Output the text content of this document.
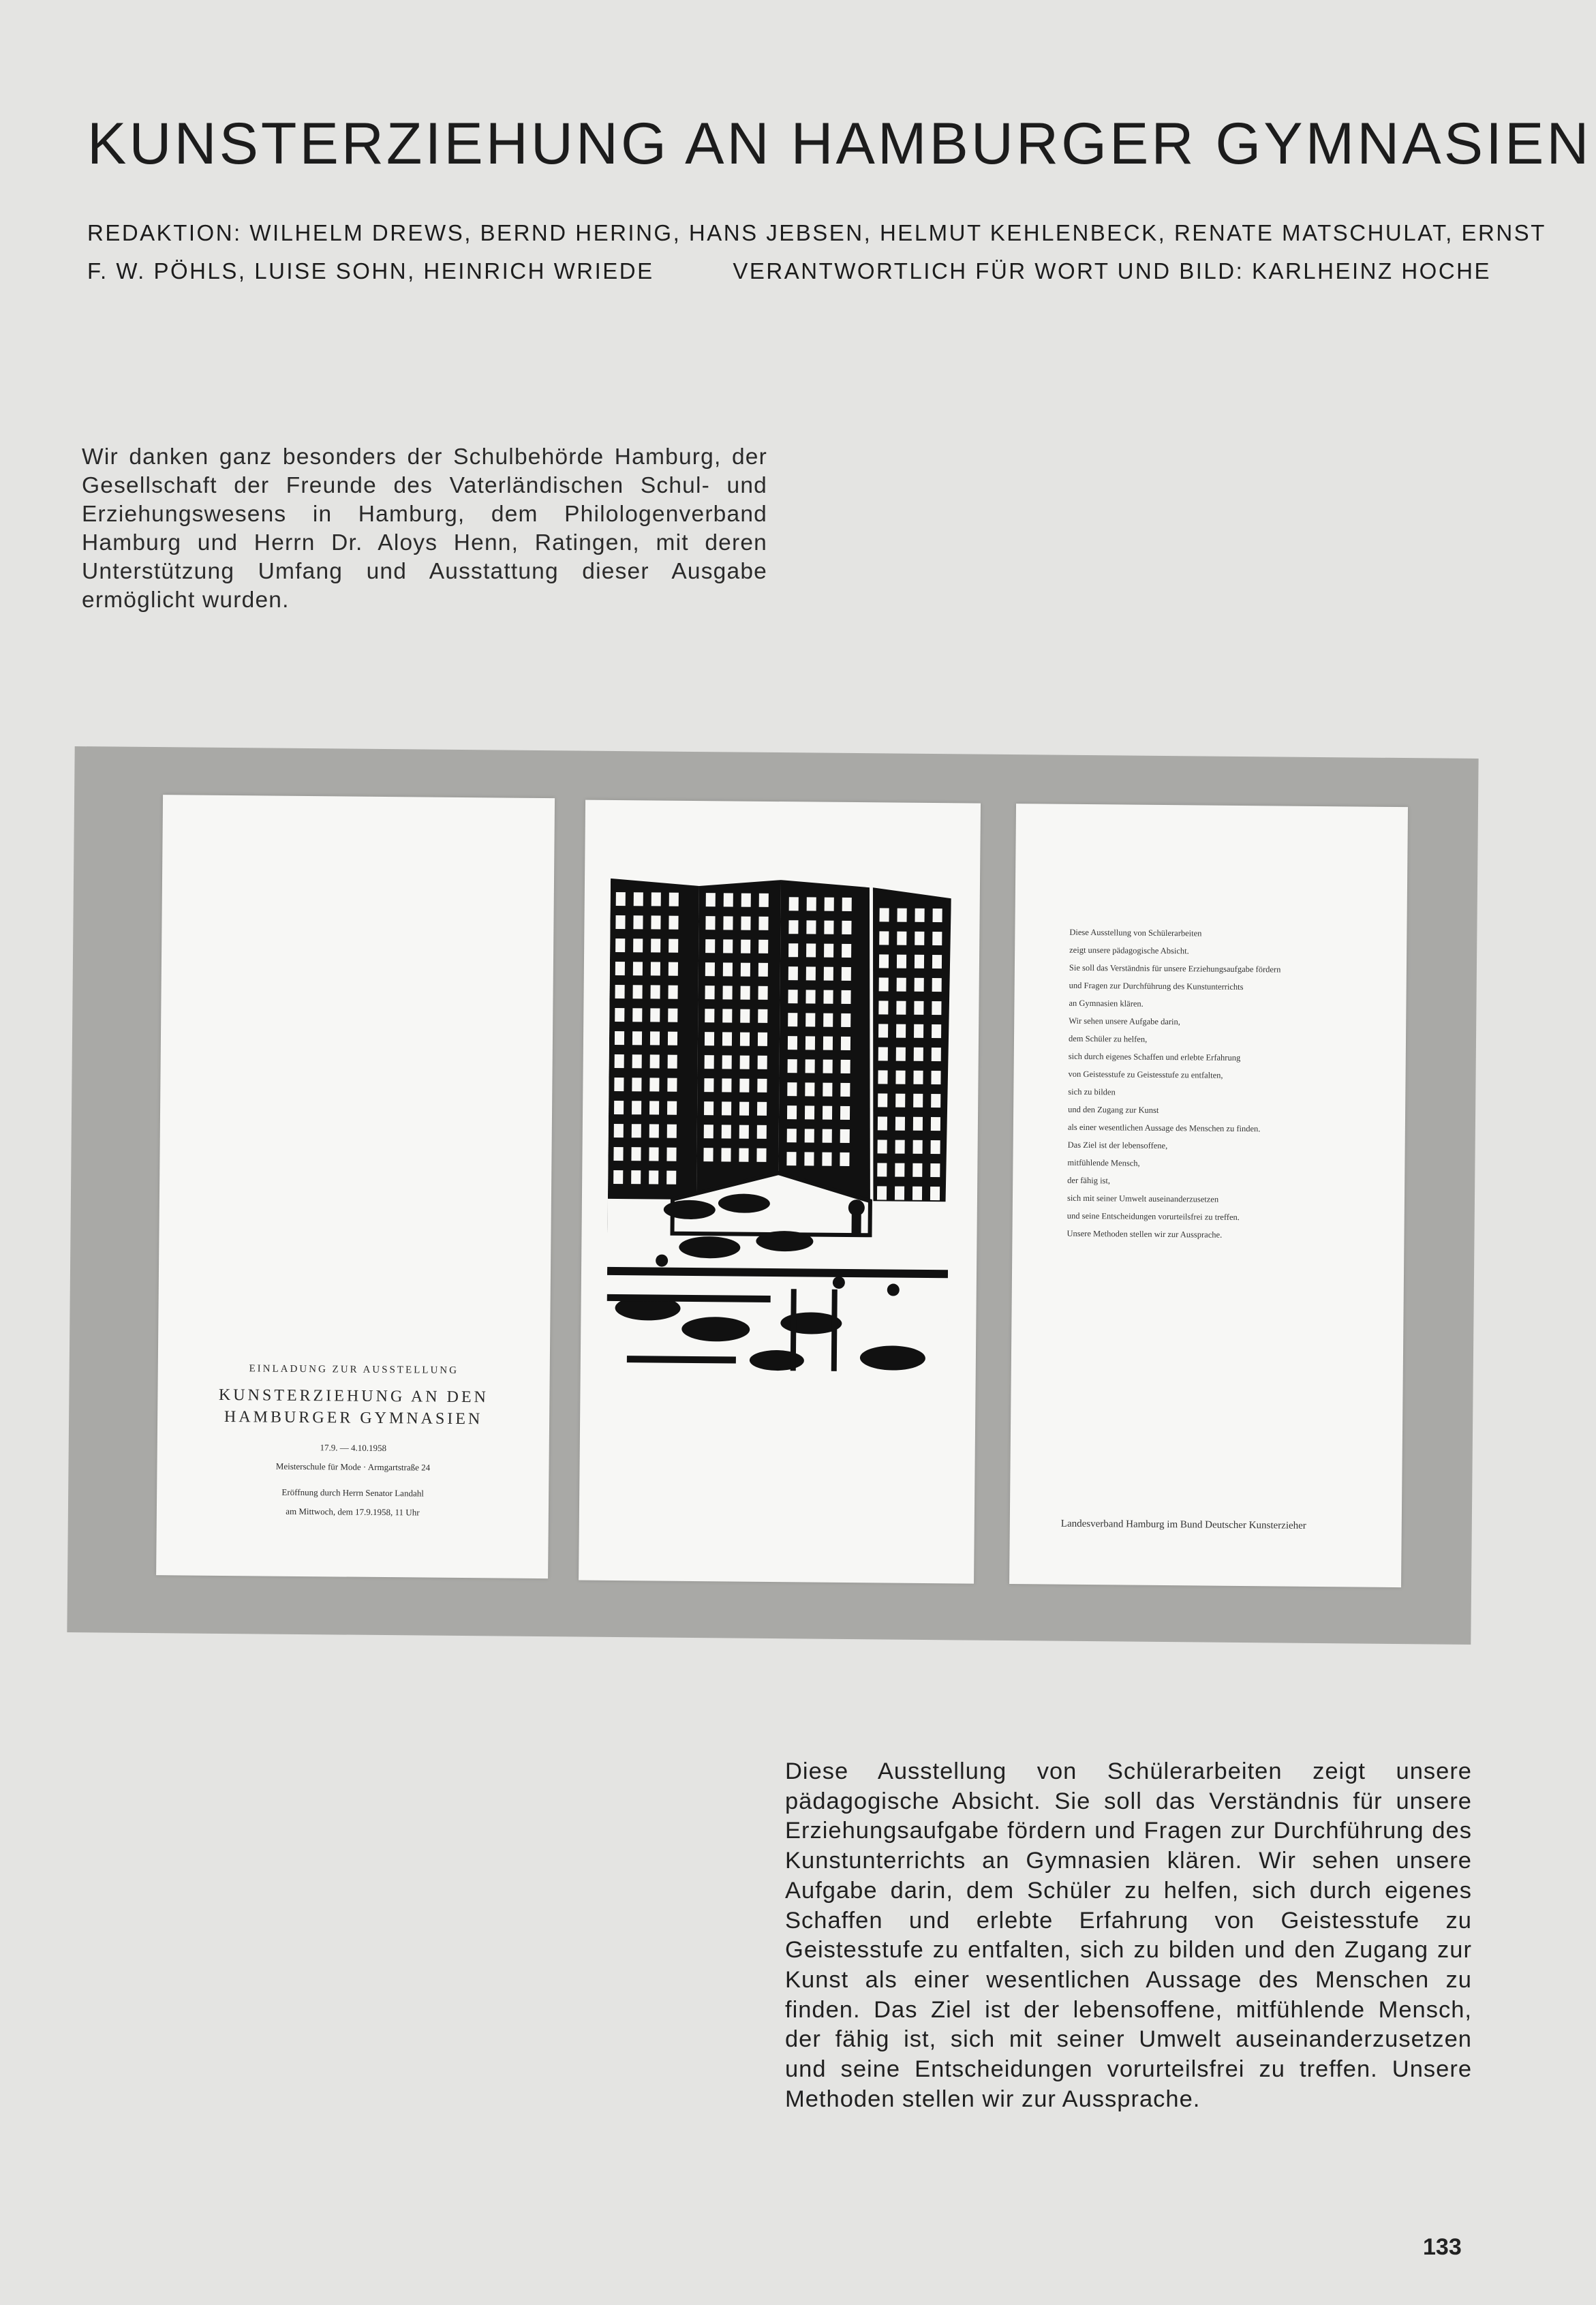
KUNSTERZIEHUNG AN HAMBURGER GYMNASIEN
REDAKTION: WILHELM DREWS, BERND HERING, HANS JEBSEN, HELMUT KEHLENBECK, RENATE MATSCHULAT, ERNST
F. W. PÖHLS, LUISE SOHN, HEINRICH WRIEDE	VERANTWORTLICH FÜR WORT UND BILD: KARLHEINZ HOCHE
Wir danken ganz besonders der Schulbehörde Hamburg, der Gesellschaft der Freunde des Vaterländischen Schul- und Erziehungswesens in Hamburg, dem Philologenverband Hamburg und Herrn Dr. Aloys Henn, Ratingen, mit deren Unterstützung Umfang und Ausstattung dieser Ausgabe ermöglicht wurden.
EINLADUNG ZUR AUSSTELLUNG
KUNSTERZIEHUNG AN DEN
HAMBURGER GYMNASIEN
17.9. — 4.10.1958
Meisterschule für Mode · Armgartstraße 24
Eröffnung durch Herrn Senator Landahl
am Mittwoch, dem 17.9.1958, 11 Uhr

Diese Ausstellung von Schülerarbeiten

zeigt unsere pädagogische Absicht.

Sie soll das Verständnis für unsere Erziehungsaufgabe fördern

und Fragen zur Durchführung des Kunstunterrichts

an Gymnasien klären.

Wir sehen unsere Aufgabe darin,

dem Schüler zu helfen,

sich durch eigenes Schaffen und erlebte Erfahrung

von Geistesstufe zu Geistesstufe zu entfalten,

sich zu bilden

und den Zugang zur Kunst

als einer wesentlichen Aussage des Menschen zu finden.

Das Ziel ist der lebensoffene,

mitfühlende Mensch,

der fähig ist,

sich mit seiner Umwelt auseinanderzusetzen

und seine Entscheidungen vorurteilsfrei zu treffen.

Unsere Methoden stellen wir zur Aussprache.

Landesverband Hamburg im Bund Deutscher Kunsterzieher
Diese Ausstellung von Schülerarbeiten zeigt unsere pädagogische Absicht. Sie soll das Verständnis für unsere Erziehungsaufgabe fördern und Fragen zur Durchführung des Kunstunterrichts an Gymnasien klären. Wir sehen unsere Aufgabe darin, dem Schüler zu helfen, sich durch eigenes Schaffen und erlebte Erfahrung von Geistesstufe zu Geistesstufe zu entfalten, sich zu bilden und den Zugang zur Kunst als einer wesentlichen Aussage des Menschen zu finden. Das Ziel ist der lebensoffene, mitfühlende Mensch, der fähig ist, sich mit seiner Umwelt auseinanderzusetzen und seine Entscheidungen vorurteilsfrei zu treffen. Unsere Methoden stellen wir zur Aussprache.
133
